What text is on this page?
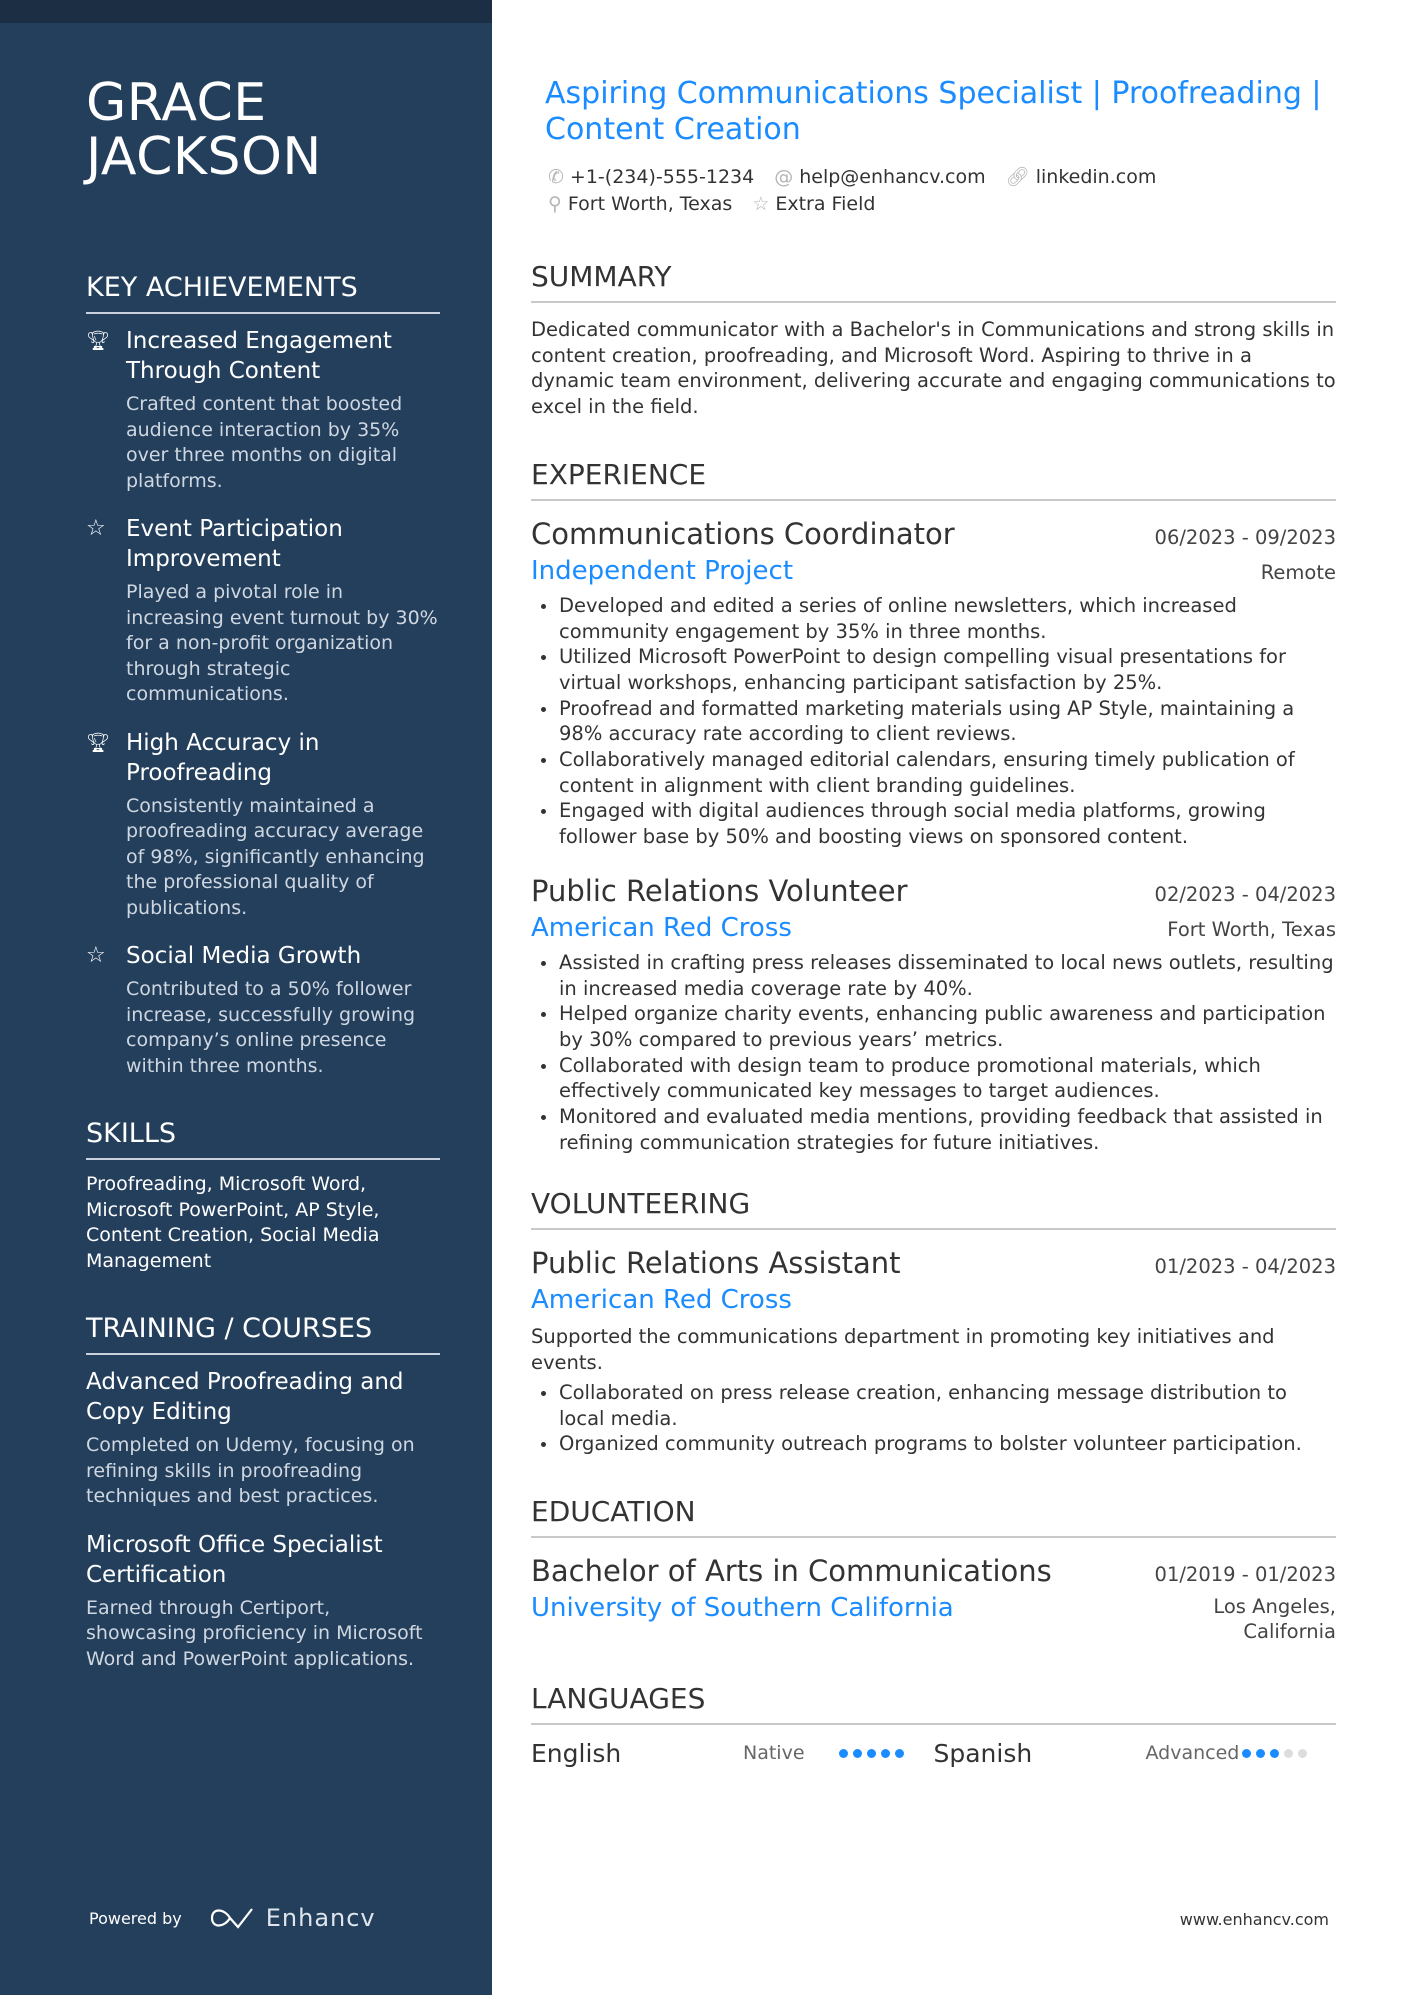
GRACE
JACKSON
KEY ACHIEVEMENTS
🏆︎ Increased Engagement Through Content
Crafted content that boosted audience interaction by 35% over three months on digital platforms.
☆ Event Participation Improvement
Played a pivotal role in increasing event turnout by 30% for a non-profit organization through strategic communications.
🏆︎ High Accuracy in Proofreading
Consistently maintained a proofreading accuracy average of 98%, significantly enhancing the professional quality of publications.
☆ Social Media Growth
Contributed to a 50% follower increase, successfully growing company’s online presence within three months.
SKILLS
Proofreading, Microsoft Word, Microsoft PowerPoint, AP Style, Content Creation, Social Media Management
TRAINING / COURSES
Advanced Proofreading and Copy Editing
Completed on Udemy, focusing on refining skills in proofreading techniques and best practices.
Microsoft Office Specialist Certification
Earned through Certiport, showcasing proficiency in Microsoft Word and PowerPoint applications.
Powered by	Enhancv
Aspiring Communications Specialist | Proofreading | Content Creation
✆ +1-(234)-555-1234 @ help@enhancv.com 🔗︎ linkedin.com
⚲ Fort Worth, Texas ☆ Extra Field
SUMMARY
Dedicated communicator with a Bachelor's in Communications and strong skills in content creation, proofreading, and Microsoft Word. Aspiring to thrive in a dynamic team environment, delivering accurate and engaging communications to excel in the field.
EXPERIENCE
Communications Coordinator	06/2023 - 09/2023
Independent Project	Remote
Developed and edited a series of online newsletters, which increased community engagement by 35% in three months.
Utilized Microsoft PowerPoint to design compelling visual presentations for virtual workshops, enhancing participant satisfaction by 25%.
Proofread and formatted marketing materials using AP Style, maintaining a 98% accuracy rate according to client reviews.
Collaboratively managed editorial calendars, ensuring timely publication of content in alignment with client branding guidelines.
Engaged with digital audiences through social media platforms, growing follower base by 50% and boosting views on sponsored content.
Public Relations Volunteer	02/2023 - 04/2023
American Red Cross	Fort Worth, Texas
Assisted in crafting press releases disseminated to local news outlets, resulting in increased media coverage rate by 40%.
Helped organize charity events, enhancing public awareness and participation by 30% compared to previous years’ metrics.
Collaborated with design team to produce promotional materials, which effectively communicated key messages to target audiences.
Monitored and evaluated media mentions, providing feedback that assisted in refining communication strategies for future initiatives.
VOLUNTEERING
Public Relations Assistant	01/2023 - 04/2023
American Red Cross
Supported the communications department in promoting key initiatives and events.
Collaborated on press release creation, enhancing message distribution to local media.
Organized community outreach programs to bolster volunteer participation.
EDUCATION
Bachelor of Arts in Communications	01/2019 - 01/2023
University of Southern California	Los Angeles, California
LANGUAGES
English	Native	Spanish	Advanced
www.enhancv.com
